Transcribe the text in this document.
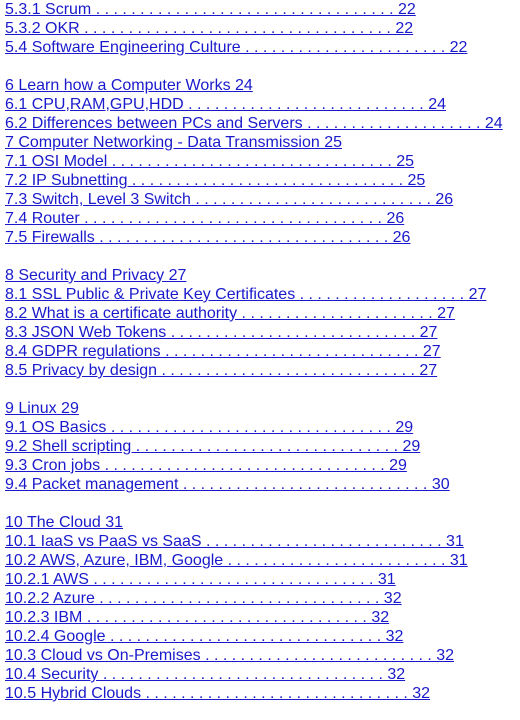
5.3.1 Scrum . . . . . . . . . . . . . . . . . . . . . . . . . . . . . . . . . . 22
5.3.2 OKR . . . . . . . . . . . . . . . . . . . . . . . . . . . . . . . . . . . 22
5.4 Software Engineering Culture . . . . . . . . . . . . . . . . . . . . . . . 22
6 Learn how a Computer Works 24
6.1 CPU,RAM,GPU,HDD . . . . . . . . . . . . . . . . . . . . . . . . . . . 24
6.2 Differences between PCs and Servers . . . . . . . . . . . . . . . . . . . . 24
7 Computer Networking - Data Transmission 25
7.1 OSI Model . . . . . . . . . . . . . . . . . . . . . . . . . . . . . . . . 25
7.2 IP Subnetting . . . . . . . . . . . . . . . . . . . . . . . . . . . . . . . 25
7.3 Switch, Level 3 Switch . . . . . . . . . . . . . . . . . . . . . . . . . . . 26
7.4 Router . . . . . . . . . . . . . . . . . . . . . . . . . . . . . . . . . . 26
7.5 Firewalls . . . . . . . . . . . . . . . . . . . . . . . . . . . . . . . . . 26
8 Security and Privacy 27
8.1 SSL Public & Private Key Certificates . . . . . . . . . . . . . . . . . . . 27
8.2 What is a certificate authority . . . . . . . . . . . . . . . . . . . . . . 27
8.3 JSON Web Tokens . . . . . . . . . . . . . . . . . . . . . . . . . . . . 27
8.4 GDPR regulations . . . . . . . . . . . . . . . . . . . . . . . . . . . . . 27
8.5 Privacy by design . . . . . . . . . . . . . . . . . . . . . . . . . . . . . 27
9 Linux 29
9.1 OS Basics . . . . . . . . . . . . . . . . . . . . . . . . . . . . . . . . 29
9.2 Shell scripting . . . . . . . . . . . . . . . . . . . . . . . . . . . . . . 29
9.3 Cron jobs . . . . . . . . . . . . . . . . . . . . . . . . . . . . . . . . 29
9.4 Packet management . . . . . . . . . . . . . . . . . . . . . . . . . . . . 30
10 The Cloud 31
10.1 IaaS vs PaaS vs SaaS . . . . . . . . . . . . . . . . . . . . . . . . . . . 31
10.2 AWS, Azure, IBM, Google . . . . . . . . . . . . . . . . . . . . . . . . . 31
10.2.1 AWS . . . . . . . . . . . . . . . . . . . . . . . . . . . . . . . . 31
10.2.2 Azure . . . . . . . . . . . . . . . . . . . . . . . . . . . . . . . . 32
10.2.3 IBM . . . . . . . . . . . . . . . . . . . . . . . . . . . . . . . . 32
10.2.4 Google . . . . . . . . . . . . . . . . . . . . . . . . . . . . . . . 32
10.3 Cloud vs On-Premises . . . . . . . . . . . . . . . . . . . . . . . . . . 32
10.4 Security . . . . . . . . . . . . . . . . . . . . . . . . . . . . . . . . 32
10.5 Hybrid Clouds . . . . . . . . . . . . . . . . . . . . . . . . . . . . . . 32
